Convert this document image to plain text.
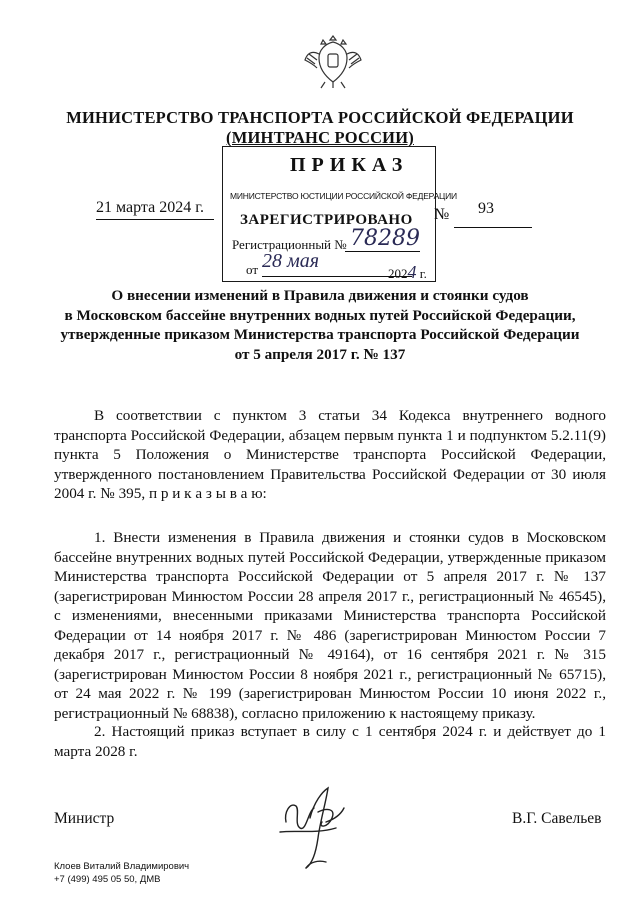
МИНИСТЕРСТВО ТРАНСПОРТА РОССИЙСКОЙ ФЕДЕРАЦИИ
(МИНТРАНС РОССИИ)
ПРИКАЗ
МИНИСТЕРСТВО ЮСТИЦИИ РОССИЙСКОЙ ФЕДЕРАЦИИ
ЗАРЕГИСТРИРОВАНО
Регистрационный № 78289
от 28 мая
2024 г.
21 марта 2024 г.	№ 93
О внесении изменений в Правила движения и стоянки судов
в Московском бассейне внутренних водных путей Российской Федерации,
утвержденные приказом Министерства транспорта Российской Федерации
от 5 апреля 2017 г. № 137
В соответствии с пунктом 3 статьи 34 Кодекса внутреннего водного транспорта Российской Федерации, абзацем первым пункта 1 и подпунктом 5.2.11(9) пункта 5 Положения о Министерстве транспорта Российской Федерации, утвержденного постановлением Правительства Российской Федерации от 30 июля 2004 г. № 395, п р и к а з ы в а ю:
1. Внести изменения в Правила движения и стоянки судов в Московском бассейне внутренних водных путей Российской Федерации, утвержденные приказом Министерства транспорта Российской Федерации от 5 апреля 2017 г. № 137 (зарегистрирован Минюстом России 28 апреля 2017 г., регистрационный № 46545), с изменениями, внесенными приказами Министерства транспорта Российской Федерации от 14 ноября 2017 г. № 486 (зарегистрирован Минюстом России 7 декабря 2017 г., регистрационный № 49164), от 16 сентября 2021 г. № 315 (зарегистрирован Минюстом России 8 ноября 2021 г., регистрационный № 65715), от 24 мая 2022 г. № 199 (зарегистрирован Минюстом России 10 июня 2022 г., регистрационный № 68838), согласно приложению к настоящему приказу.
2. Настоящий приказ вступает в силу с 1 сентября 2024 г. и действует до 1 марта 2028 г.
Министр	В.Г. Савельев
Клоев Виталий Владимирович
+7 (499) 495 05 50, ДМВ
